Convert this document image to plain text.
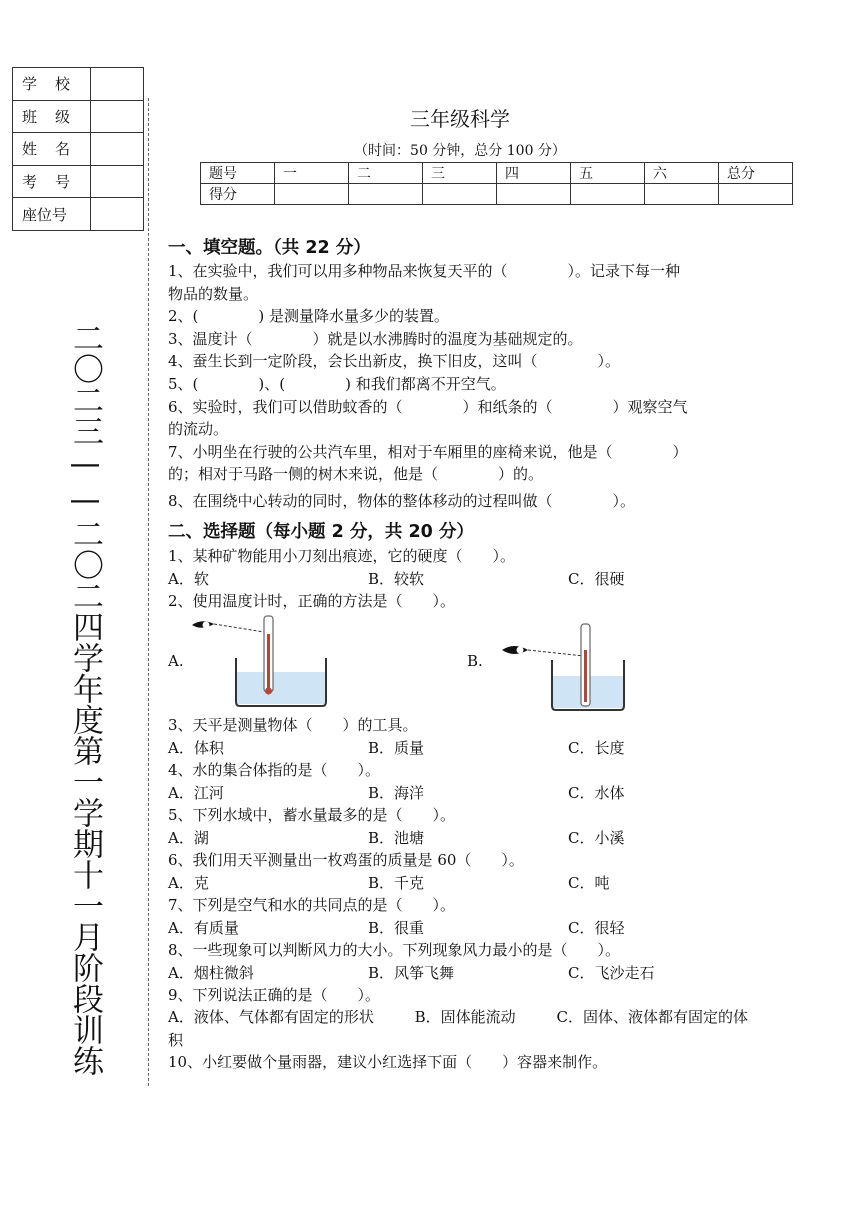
学 校	

班 级	

姓 名	

考 号	

座位号	
二〇二三——二〇二四学年度第一学期十一月阶段训练
三年级科学
（时间：50 分钟，总分 100 分）
题号	一	二	三	四	五	六	总分
得分							
一、填空题。（共 22 分）
1、在实验中，我们可以用多种物品来恢复天平的（　　　　）。记录下每一种
物品的数量。
2、(　　　　) 是测量降水量多少的装置。
3、温度计（　　　　）就是以水沸腾时的温度为基础规定的。
4、蚕生长到一定阶段，会长出新皮，换下旧皮，这叫（　　　　）。
5、(　　　　)、(　　　　) 和我们都离不开空气。
6、实验时，我们可以借助蚊香的（　　　　）和纸条的（　　　　）观察空气
的流动。
7、小明坐在行驶的公共汽车里，相对于车厢里的座椅来说，他是（　　　　）
的；相对于马路一侧的树木来说，他是（　　　　）的。
8、在围绕中心转动的同时，物体的整体移动的过程叫做（　　　　）。
二、选择题（每小题 2 分，共 20 分）
1、某种矿物能用小刀刻出痕迹，它的硬度（　　）。
A．软	B．较软	C．很硬
2、使用温度计时，正确的方法是（　　）。
A.	B.
3、天平是测量物体（　　）的工具。
A．体积	B．质量	C．长度
4、水的集合体指的是（　　）。
A．江河	B．海洋	C．水体
5、下列水域中，蓄水量最多的是（　　）。
A．湖	B．池塘	C．小溪
6、我们用天平测量出一枚鸡蛋的质量是 60（　　）。
A．克	B．千克	C．吨
7、下列是空气和水的共同点的是（　　）。
A．有质量	B．很重	C．很轻
8、一些现象可以判断风力的大小。下列现象风力最小的是（　　）。
A．烟柱微斜	B．风筝飞舞	C．飞沙走石
9、下列说法正确的是（　　）。
A．液体、气体都有固定的形状	B．固体能流动	C．固体、液体都有固定的体
积
10、小红要做个量雨器，建议小红选择下面（　　）容器来制作。
